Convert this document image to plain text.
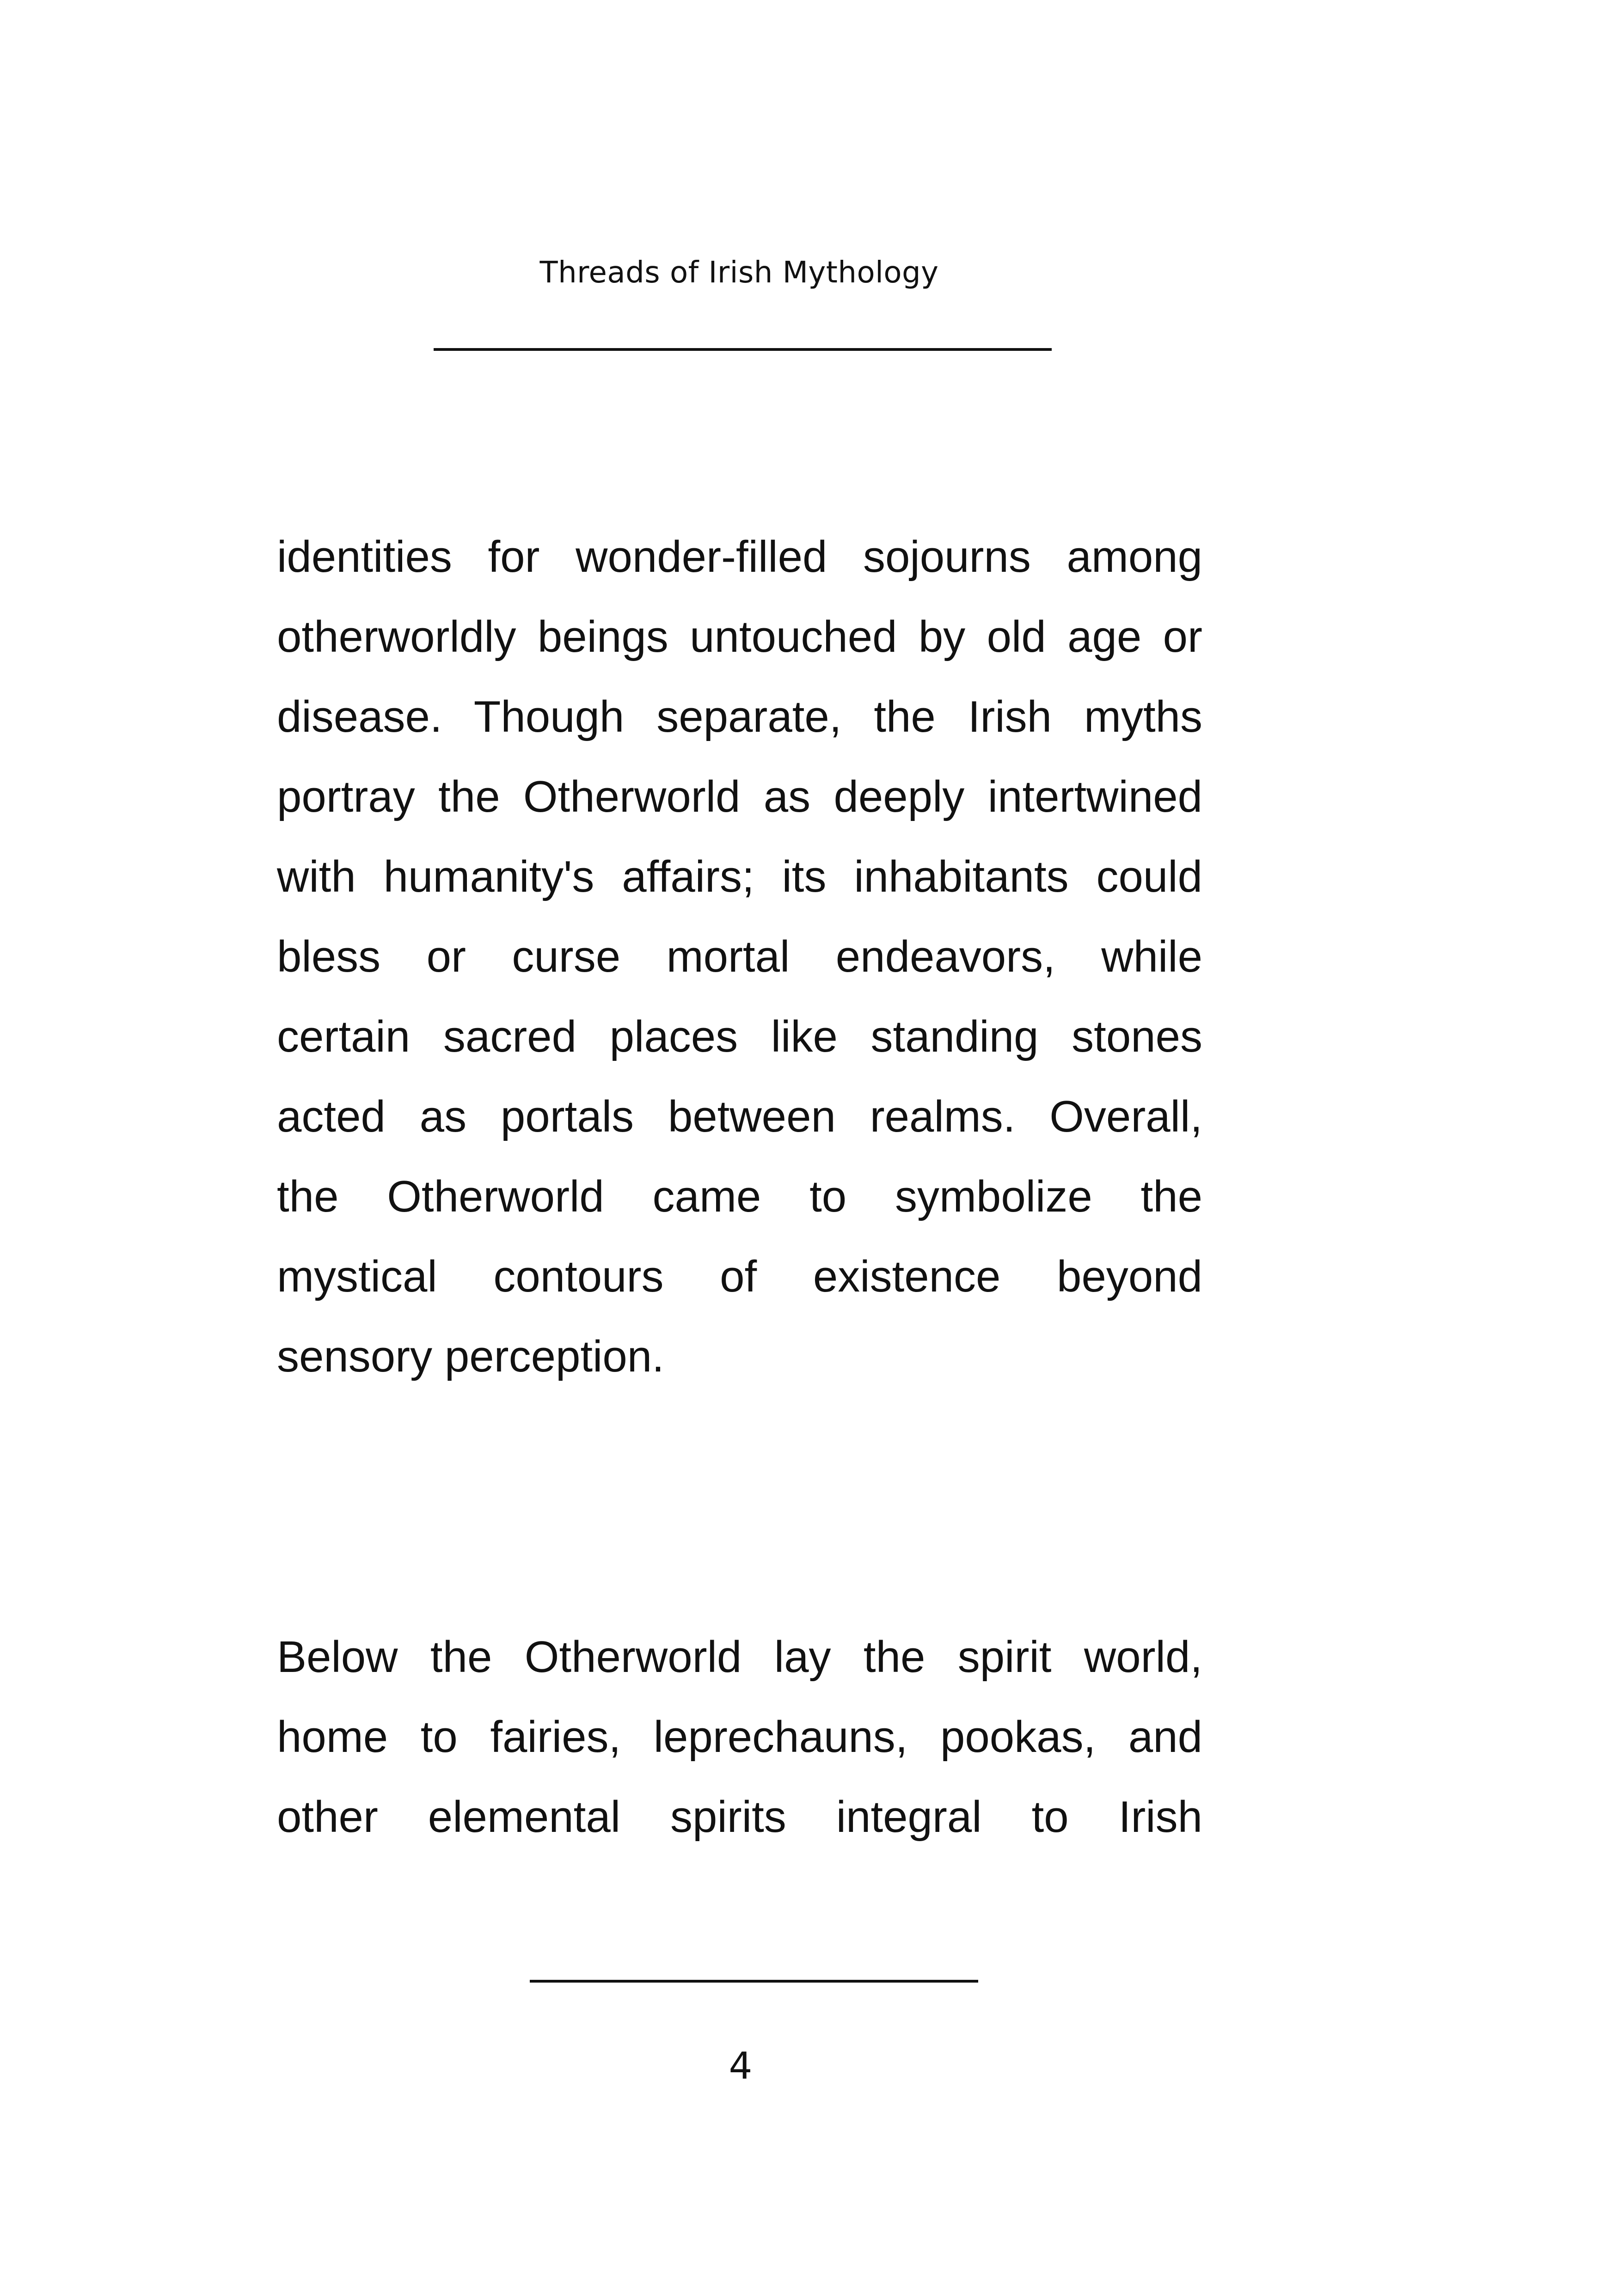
Threads of Irish Mythology
identities for wonder-filled sojourns among
otherworldly beings untouched by old age or
disease. Though separate, the Irish myths
portray the Otherworld as deeply intertwined
with humanity's affairs; its inhabitants could
bless or curse mortal endeavors, while
certain sacred places like standing stones
acted as portals between realms. Overall,
the Otherworld came to symbolize the
mystical contours of existence beyond
sensory perception.
Below the Otherworld lay the spirit world,
home to fairies, leprechauns, pookas, and
other elemental spirits integral to Irish
4
